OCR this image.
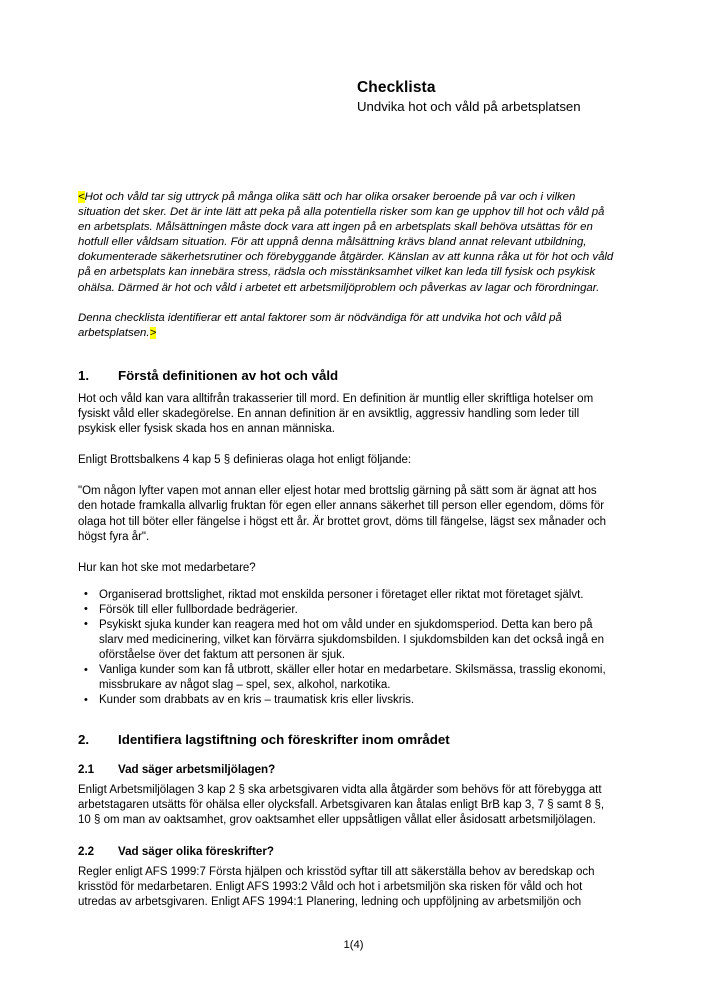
Checklista
Undvika hot och våld på arbetsplatsen

<Hot och våld tar sig uttryck på många olika sätt och har olika orsaker beroende på var och i vilken situation det sker. Det är inte lätt att peka på alla potentiella risker som kan ge upphov till hot och våld på en arbetsplats. Målsättningen måste dock vara att ingen på en arbetsplats skall behöva utsättas för en hotfull eller våldsam situation. För att uppnå denna målsättning krävs bland annat relevant utbildning, dokumenterade säkerhetsrutiner och förebyggande åtgärder. Känslan av att kunna råka ut för hot och våld på en arbetsplats kan innebära stress, rädsla och misstänksamhet vilket kan leda till fysisk och psykisk ohälsa. Därmed är hot och våld i arbetet ett arbetsmiljöproblem och påverkas av lagar och förordningar.

Denna checklista identifierar ett antal faktorer som är nödvändiga för att undvika hot och våld på arbetsplatsen.>

1. Förstå definitionen av hot och våld

Hot och våld kan vara alltifrån trakasserier till mord. En definition är muntlig eller skriftliga hotelser om fysiskt våld eller skadegörelse. En annan definition är en avsiktlig, aggressiv handling som leder till psykisk eller fysisk skada hos en annan människa.

Enligt Brottsbalkens 4 kap 5 § definieras olaga hot enligt följande:

"Om någon lyfter vapen mot annan eller eljest hotar med brottslig gärning på sätt som är ägnat att hos den hotade framkalla allvarlig fruktan för egen eller annans säkerhet till person eller egendom, döms för olaga hot till böter eller fängelse i högst ett år. Är brottet grovt, döms till fängelse, lägst sex månader och högst fyra år".

Hur kan hot ske mot medarbetare?

• Organiserad brottslighet, riktad mot enskilda personer i företaget eller riktat mot företaget självt.
• Försök till eller fullbordade bedrägerier.
• Psykiskt sjuka kunder kan reagera med hot om våld under en sjukdomsperiod. Detta kan bero på slarv med medicinering, vilket kan förvärra sjukdomsbilden. I sjukdomsbilden kan det också ingå en oförståelse över det faktum att personen är sjuk.
• Vanliga kunder som kan få utbrott, skäller eller hotar en medarbetare. Skilsmässa, trasslig ekonomi, missbrukare av något slag – spel, sex, alkohol, narkotika.
• Kunder som drabbats av en kris – traumatisk kris eller livskris.
2. Identifiera lagstiftning och föreskrifter inom området
2.1 Vad säger arbetsmiljölagen?

Enligt Arbetsmiljölagen 3 kap 2 § ska arbetsgivaren vidta alla åtgärder som behövs för att förebygga att arbetstagaren utsätts för ohälsa eller olycksfall. Arbetsgivaren kan åtalas enligt BrB kap 3, 7 § samt 8 §, 10 § om man av oaktsamhet, grov oaktsamhet eller uppsåtligen vållat eller åsidosatt arbetsmiljölagen.

2.2 Vad säger olika föreskrifter?

Regler enligt AFS 1999:7 Första hjälpen och krisstöd syftar till att säkerställa behov av beredskap och krisstöd för medarbetaren. Enligt AFS 1993:2 Våld och hot i arbetsmiljön ska risken för våld och hot utredas av arbetsgivaren. Enligt AFS 1994:1 Planering, ledning och uppföljning av arbetsmiljön och

1(4)
